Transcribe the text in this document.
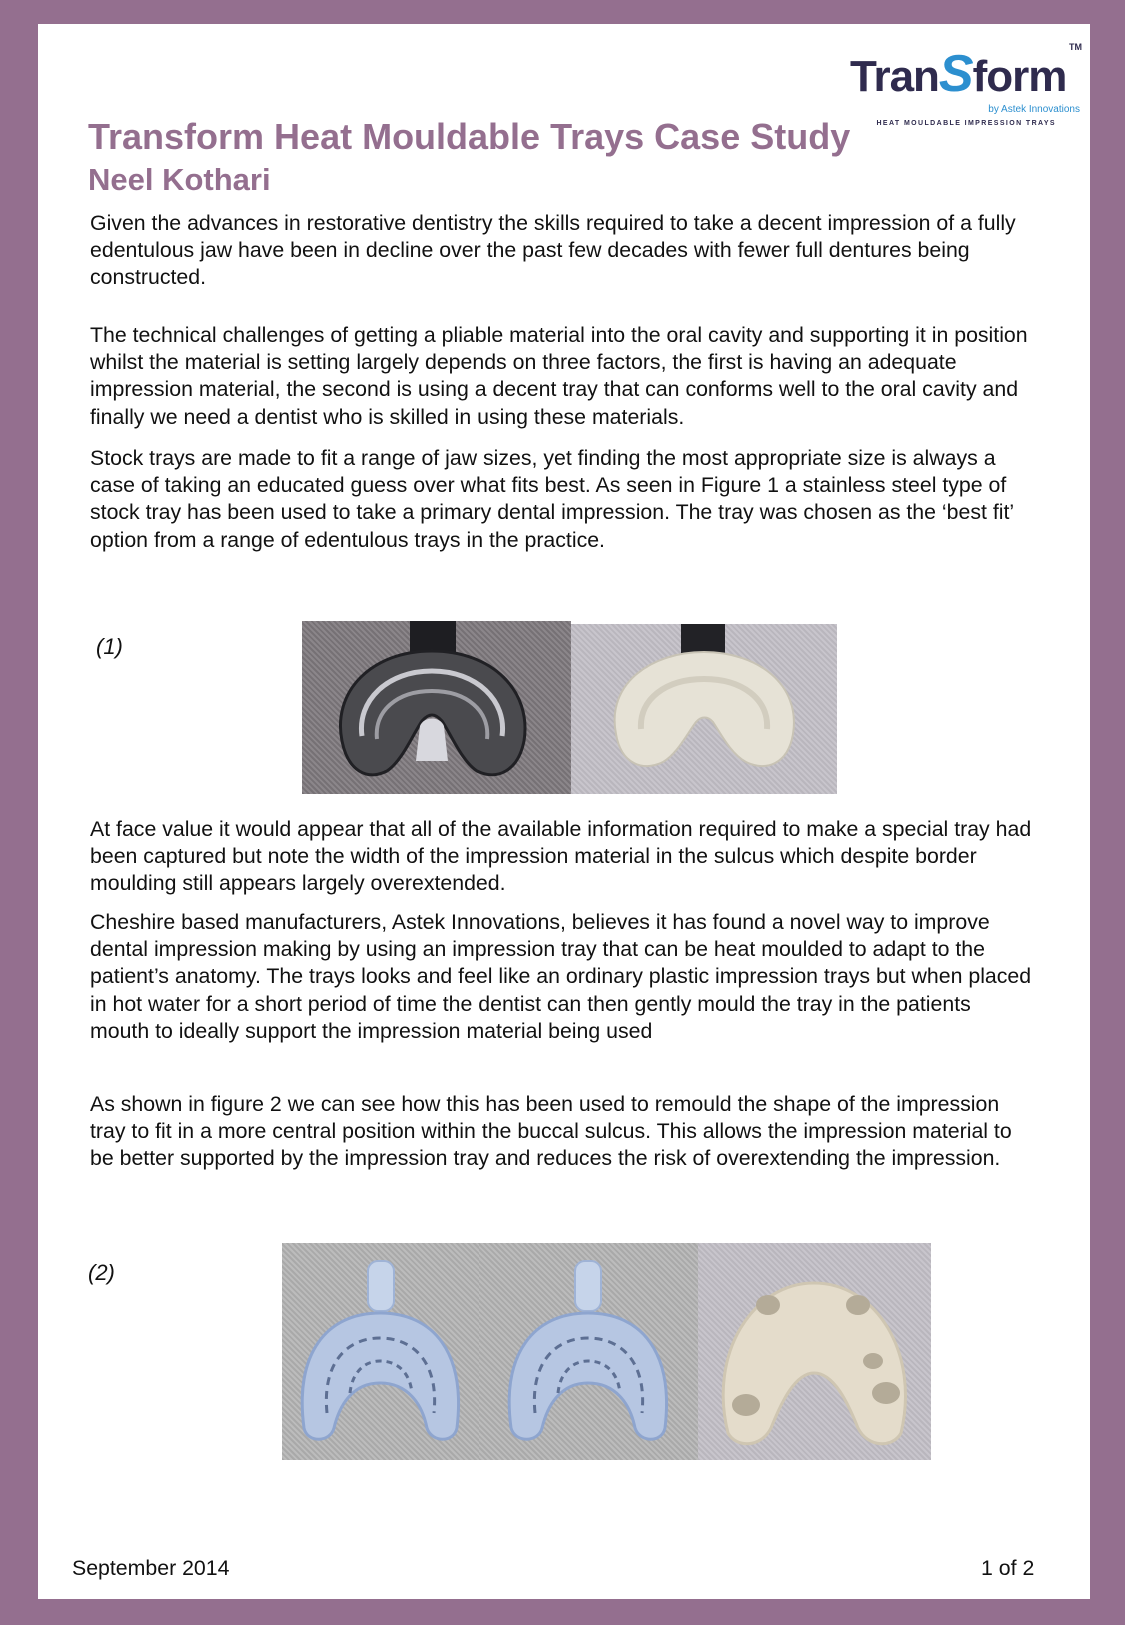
TranSform
TM
by Astek Innovations
HEAT MOULDABLE IMPRESSION TRAYS
Transform Heat Mouldable Trays Case Study
Neel Kothari

Given the advances in restorative dentistry the skills required to take a decent impression of a fully edentulous jaw have been in decline over the past few decades with fewer full dentures being constructed.

The technical challenges of getting a pliable material into the oral cavity and supporting it in position whilst the material is setting largely depends on three factors, the first is having an adequate impression material, the second is using a decent tray that can conforms well to the oral cavity and finally we need a dentist who is skilled in using these materials.

Stock trays are made to fit a range of jaw sizes, yet finding the most appropriate size is always a case of taking an educated guess over what fits best. As seen in Figure 1 a stainless steel type of stock tray has been used to take a primary dental impression. The tray was chosen as the ‘best fit’ option from a range of edentulous trays in the practice.

(1)

At face value it would appear that all of the available information required to make a special tray had been captured but note the width of the impression material in the sulcus which despite border moulding still appears largely overextended.

Cheshire based manufacturers, Astek Innovations, believes it has found a novel way to improve dental impression making by using an impression tray that can be heat moulded to adapt to the patient’s anatomy. The trays looks and feel like an ordinary plastic impression trays but when placed in hot water for a short period of time the dentist can then gently mould the tray in the patients mouth to ideally support the impression material being used

As shown in figure 2 we can see how this has been used to remould the shape of the impression tray to fit in a more central position within the buccal sulcus. This allows the impression material to be better supported by the impression tray and reduces the risk of overextending the impression.

(2)
September 2014	1 of 2
